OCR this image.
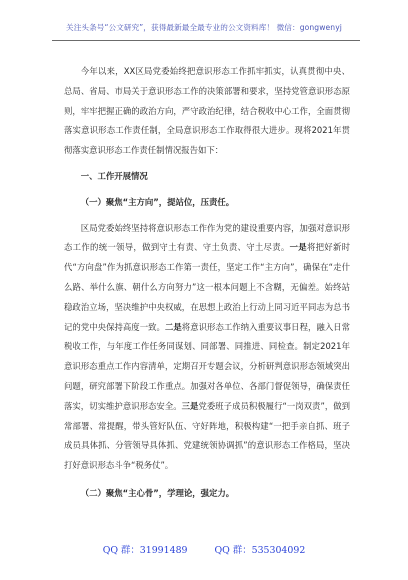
关注头条号“公文研究”，获得最新最全最专业的公文资料库！ 微信：gongwenyj

今年以来，XX区局党委始终把意识形态工作抓牢抓实，认真贯彻中央、总局、省局、市局关于意识形态工作的决策部署和要求，坚持党管意识形态原则，牢牢把握正确的政治方向，严守政治纪律，结合税收中心工作，全面贯彻落实意识形态工作责任制，全局意识形态工作取得很大进步。现将2021年贯彻落实意识形态工作责任制情况报告如下：

一、工作开展情况

（一）聚焦“主方向”，提站位，压责任。

区局党委始终坚持将意识形态工作作为党的建设重要内容，加强对意识形态工作的统一领导，做到守土有责、守土负责、守土尽责。一是将把好新时代“方向盘”作为抓意识形态工作第一责任，坚定工作“主方向”，确保在“走什么路、举什么旗、朝什么方向努力”这一根本问题上不含糊，无偏差。始终站稳政治立场，坚决维护中央权威，在思想上政治上行动上同习近平同志为总书记的党中央保持高度一致。二是将意识形态工作纳入重要议事日程，融入日常税收工作，与年度工作任务同谋划、同部署、同推进、同检查。制定2021年意识形态重点工作内容清单，定期召开专题会议，分析研判意识形态领域突出问题，研究部署下阶段工作重点。加强对各单位、各部门督促领导，确保责任落实，切实维护意识形态安全。三是党委班子成员积极履行“一岗双责”，做到常部署、常提醒，带头管好队伍、守好阵地，积极构建“一把手亲自抓、班子成员具体抓、分管领导具体抓、党建统领协调抓”的意识形态工作格局，坚决打好意识形态斗争“税务仗”。

（二）聚焦“主心骨”，学理论，强定力。

QQ 群：31991489	QQ 群：535304092
